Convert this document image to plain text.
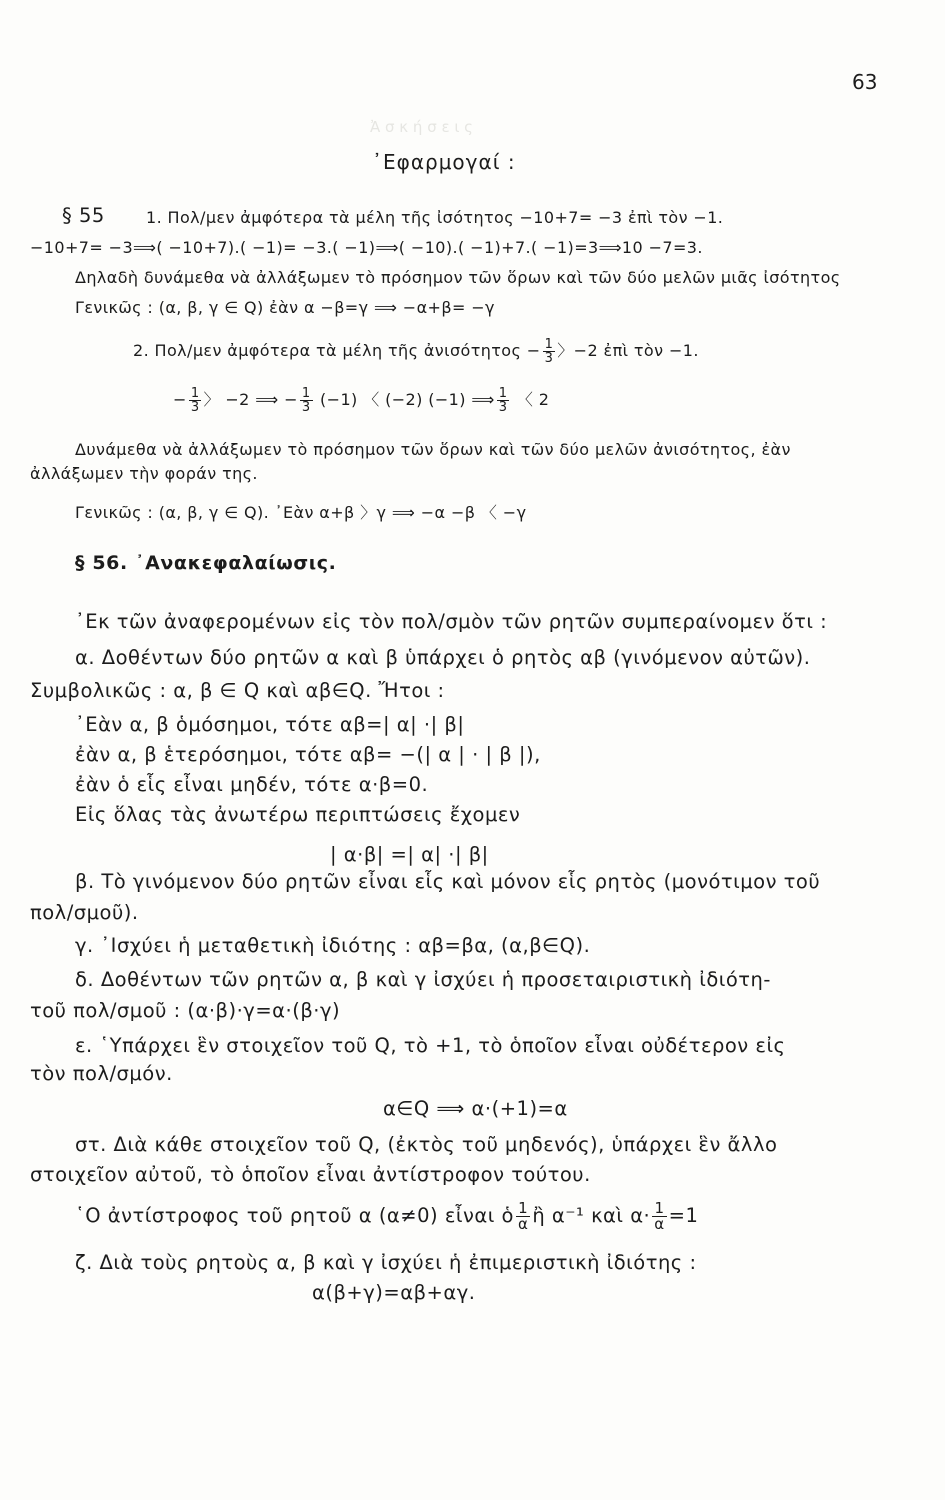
Ἀ σ κ ή σ ε ι ς
63
᾿Εφαρμογαί :
§ 55	1. Πολ/μεν ἀμφότερα τὰ μέλη τῆς ἰσότητος −10+7= −3 ἐπὶ τὸν −1.
−10+7= −3⟹( −10+7).( −1)= −3.( −1)⟹( −10).( −1)+7.( −1)=3⟹10 −7=3.
Δηλαδὴ δυνάμεθα νὰ ἀλλάξωμεν τὸ πρόσημον τῶν ὅρων καὶ τῶν δύο μελῶν μιᾶς ἰσότητος
Γενικῶς : (α, β, γ ∈ Q) ἐὰν α −β=γ ⟹ −α+β= −γ
2. Πολ/μεν ἀμφότερα τὰ μέλη τῆς ἀνισότητος − $\frac{1}{3}$ 〉−2 ἐπὶ τὸν −1.
− $\frac{1}{3}$ 〉 −2 ⟹ − $\frac{1}{3} (-1)$ 〈 (−2) (−1) ⟹ $\frac{1}{3}$ 〈 2
Δυνάμεθα νὰ ἀλλάξωμεν τὸ πρόσημον τῶν ὅρων καὶ τῶν δύο μελῶν ἀνισότητος, ἐὰν
ἀλλάξωμεν τὴν φοράν της.
Γενικῶς : (α, β, γ ∈ Q). ᾿Εὰν α+β 〉γ ⟹ −α −β 〈 −γ
§ 56. ᾿Ανακεφαλαίωσις.
᾿Εκ τῶν ἀναφερομένων εἰς τὸν πολ/σμὸν τῶν ρητῶν συμπεραίνομεν ὅτι :
α. Δοθέντων δύο ρητῶν α καὶ β ὑπάρχει ὁ ρητὸς αβ (γινόμενον αὐτῶν).
Συμβολικῶς : α, β ∈ Q καὶ αβ∈Q. Ἤτοι :
᾿Εὰν α, β ὁμόσημοι, τότε αβ=| α| ·| β|
ἐὰν α, β ἑτερόσημοι, τότε αβ= −(| α | · | β |),
ἐὰν ὁ εἷς εἶναι μηδέν, τότε α·β=0.
Εἰς ὅλας τὰς ἀνωτέρω περιπτώσεις ἔχομεν
| α·β| =| α| ·| β|
β. Τὸ γινόμενον δύο ρητῶν εἶναι εἷς καὶ μόνον εἷς ρητὸς (μονότιμον τοῦ
πολ/σμοῦ).
γ. ᾿Ισχύει ἡ μεταθετικὴ ἰδιότης : αβ=βα, (α,β∈Q).
δ. Δοθέντων τῶν ρητῶν α, β καὶ γ ἰσχύει ἡ προσεταιριστικὴ ἰδιότη-
τοῦ πολ/σμοῦ : (α·β)·γ=α·(β·γ)
ε. ῾Υπάρχει ἓν στοιχεῖον τοῦ Q, τὸ +1, τὸ ὁποῖον εἶναι οὐδέτερον εἰς
τὸν πολ/σμόν.
α∈Q ⟹ α·(+1)=α
στ. Διὰ κάθε στοιχεῖον τοῦ Q, (ἐκτὸς τοῦ μηδενός), ὑπάρχει ἓν ἄλλο
στοιχεῖον αὐτοῦ, τὸ ὁποῖον εἶναι ἀντίστροφον τούτου.
῾Ο ἀντίστροφος τοῦ ρητοῦ α (α≠0) εἶναι ὁ $\frac{1}{\alpha}$ ἢ α⁻¹ καὶ $\alpha\cdot \frac{1}{\alpha} =1$
ζ. Διὰ τοὺς ρητοὺς α, β καὶ γ ἰσχύει ἡ ἐπιμεριστικὴ ἰδιότης :
α(β+γ)=αβ+αγ.
